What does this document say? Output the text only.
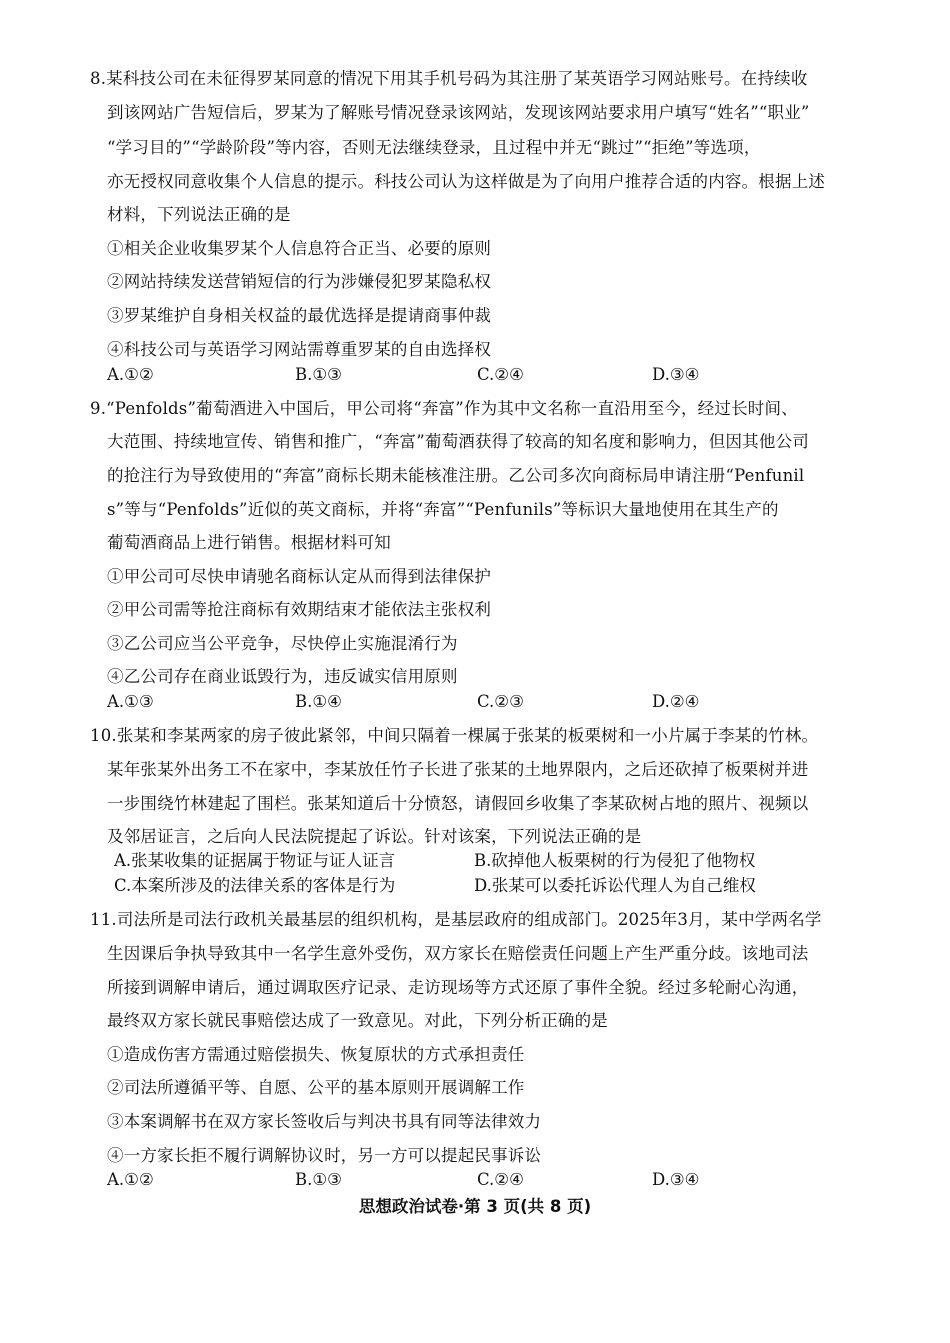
8.某科技公司在未征得罗某同意的情况下用其手机号码为其注册了某英语学习网站账号。在持续收
到该网站广告短信后，罗某为了解账号情况登录该网站，发现该网站要求用户填写“姓名”“职业”
“学习目的”“学龄阶段”等内容，否则无法继续登录，且过程中并无“跳过”“拒绝”等选项，
亦无授权同意收集个人信息的提示。科技公司认为这样做是为了向用户推荐合适的内容。根据上述
材料，下列说法正确的是
①相关企业收集罗某个人信息符合正当、必要的原则
②网站持续发送营销短信的行为涉嫌侵犯罗某隐私权
③罗某维护自身相关权益的最优选择是提请商事仲裁
④科技公司与英语学习网站需尊重罗某的自由选择权
A.①②	B.①③	C.②④	D.③④
9.“Penfolds”葡萄酒进入中国后，甲公司将“奔富”作为其中文名称一直沿用至今，经过长时间、
大范围、持续地宣传、销售和推广，“奔富”葡萄酒获得了较高的知名度和影响力，但因其他公司
的抢注行为导致使用的“奔富”商标长期未能核准注册。乙公司多次向商标局申请注册“Penfunil
s”等与“Penfolds”近似的英文商标，并将“奔富”“Penfunils”等标识大量地使用在其生产的
葡萄酒商品上进行销售。根据材料可知
①甲公司可尽快申请驰名商标认定从而得到法律保护
②甲公司需等抢注商标有效期结束才能依法主张权利
③乙公司应当公平竞争，尽快停止实施混淆行为
④乙公司存在商业诋毁行为，违反诚实信用原则
A.①③	B.①④	C.②③	D.②④
10.张某和李某两家的房子彼此紧邻，中间只隔着一棵属于张某的板栗树和一小片属于李某的竹林。
某年张某外出务工不在家中，李某放任竹子长进了张某的土地界限内，之后还砍掉了板栗树并进
一步围绕竹林建起了围栏。张某知道后十分愤怒，请假回乡收集了李某砍树占地的照片、视频以
及邻居证言，之后向人民法院提起了诉讼。针对该案，下列说法正确的是
A.张某收集的证据属于物证与证人证言	B.砍掉他人板栗树的行为侵犯了他物权
C.本案所涉及的法律关系的客体是行为	D.张某可以委托诉讼代理人为自己维权
11.司法所是司法行政机关最基层的组织机构，是基层政府的组成部门。2025年3月，某中学两名学
生因课后争执导致其中一名学生意外受伤，双方家长在赔偿责任问题上产生严重分歧。该地司法
所接到调解申请后，通过调取医疗记录、走访现场等方式还原了事件全貌。经过多轮耐心沟通，
最终双方家长就民事赔偿达成了一致意见。对此，下列分析正确的是
①造成伤害方需通过赔偿损失、恢复原状的方式承担责任
②司法所遵循平等、自愿、公平的基本原则开展调解工作
③本案调解书在双方家长签收后与判决书具有同等法律效力
④一方家长拒不履行调解协议时，另一方可以提起民事诉讼
A.①②	B.①③	C.②④	D.③④
思想政治试卷·第 3 页(共 8 页)
